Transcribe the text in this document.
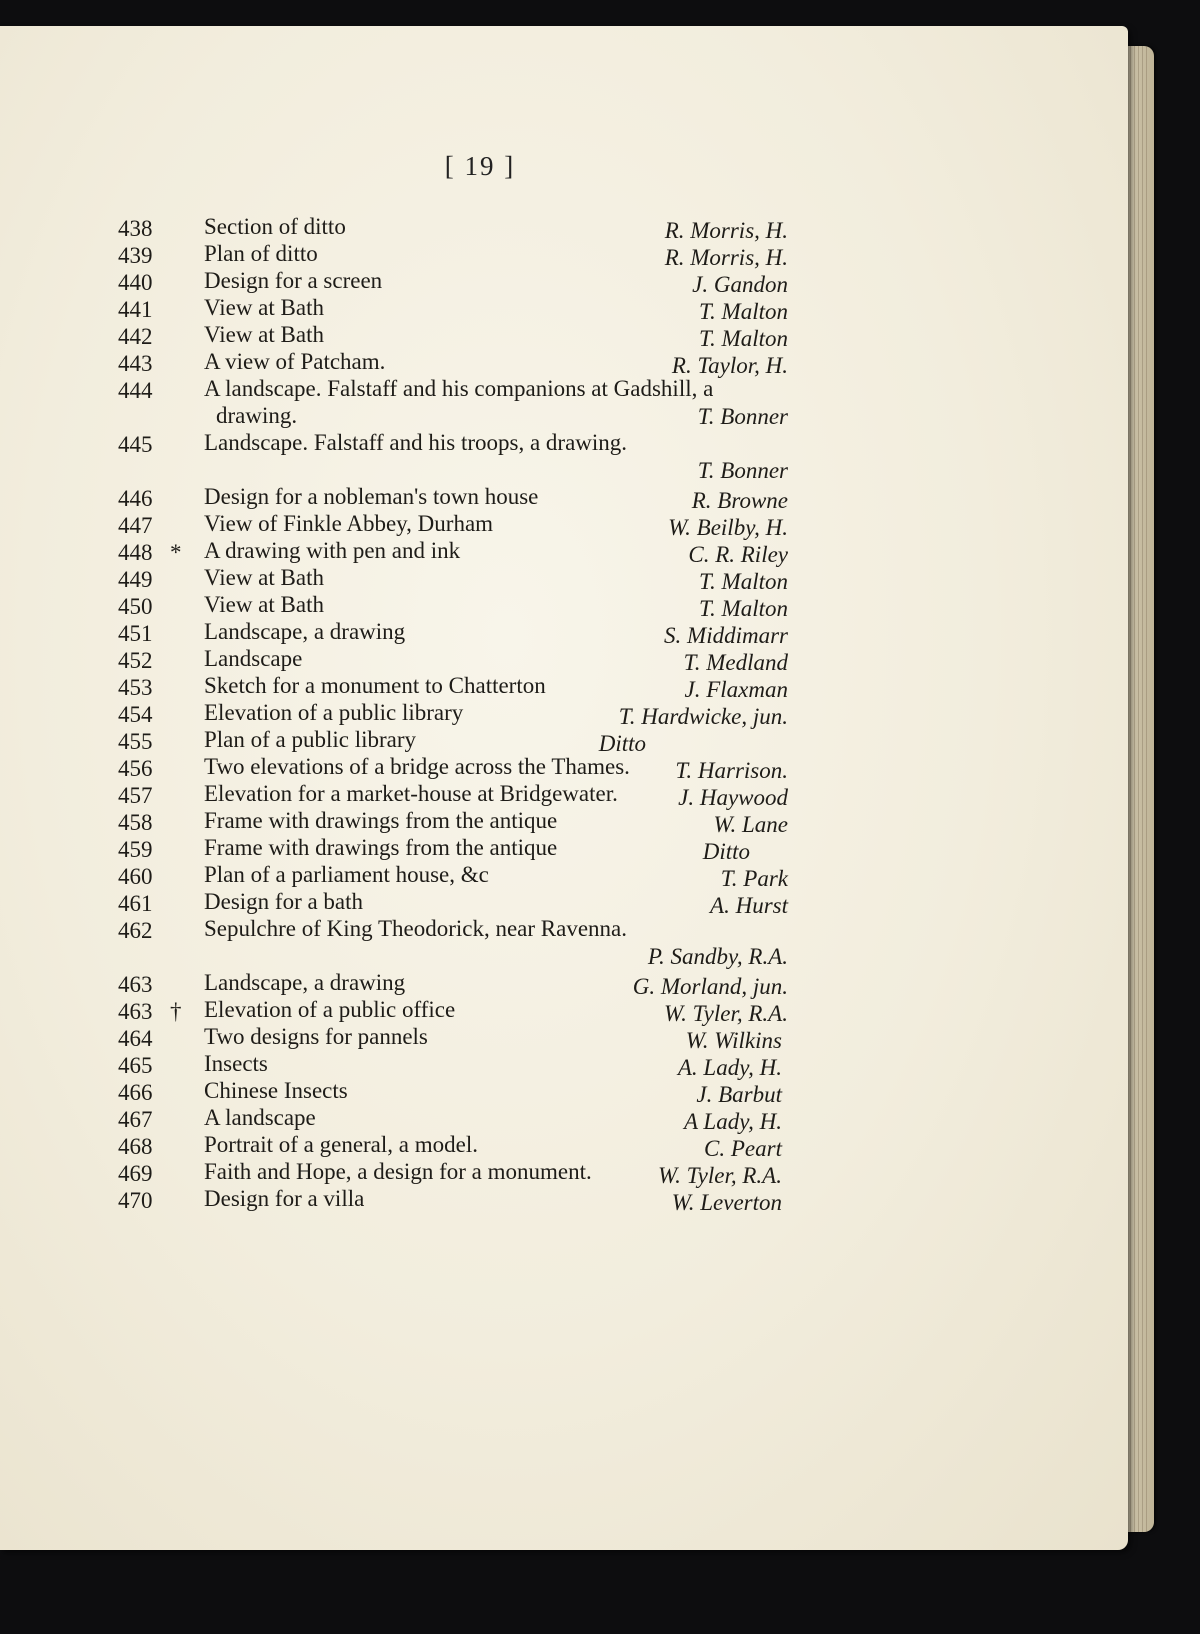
[ 19 ]
438 Section of ditto	R. Morris, H.
439 Plan of ditto	R. Morris, H.
440 Design for a screen	J. Gandon
441 View at Bath	T. Malton
442 View at Bath	T. Malton
443 A view of Patcham.	R. Taylor, H.
444 A landscape. Falstaff and his companions at Gadshill, a
drawing.	T. Bonner
445 Landscape. Falstaff and his troops, a drawing.
T. Bonner
446 Design for a nobleman's town house	R. Browne
447 View of Finkle Abbey, Durham	W. Beilby, H.
448 * A drawing with pen and ink	C. R. Riley
449 View at Bath	T. Malton
450 View at Bath	T. Malton
451 Landscape, a drawing	S. Middimarr
452 Landscape	T. Medland
453 Sketch for a monument to Chatterton	J. Flaxman
454 Elevation of a public library	T. Hardwicke, jun.
455 Plan of a public library	Ditto
456 Two elevations of a bridge across the Thames.	T. Harrison.
457 Elevation for a market-house at Bridgewater.	J. Haywood
458 Frame with drawings from the antique	W. Lane
459 Frame with drawings from the antique	Ditto
460 Plan of a parliament house, &c	T. Park
461 Design for a bath	A. Hurst
462 Sepulchre of King Theodorick, near Ravenna.
P. Sandby, R.A.
463 Landscape, a drawing	G. Morland, jun.
463 † Elevation of a public office	W. Tyler, R.A.
464 Two designs for pannels	W. Wilkins
465 Insects	A. Lady, H.
466 Chinese Insects	J. Barbut
467 A landscape	A Lady, H.
468 Portrait of a general, a model.	C. Peart
469 Faith and Hope, a design for a monument.	W. Tyler, R.A.
470 Design for a villa	W. Leverton
